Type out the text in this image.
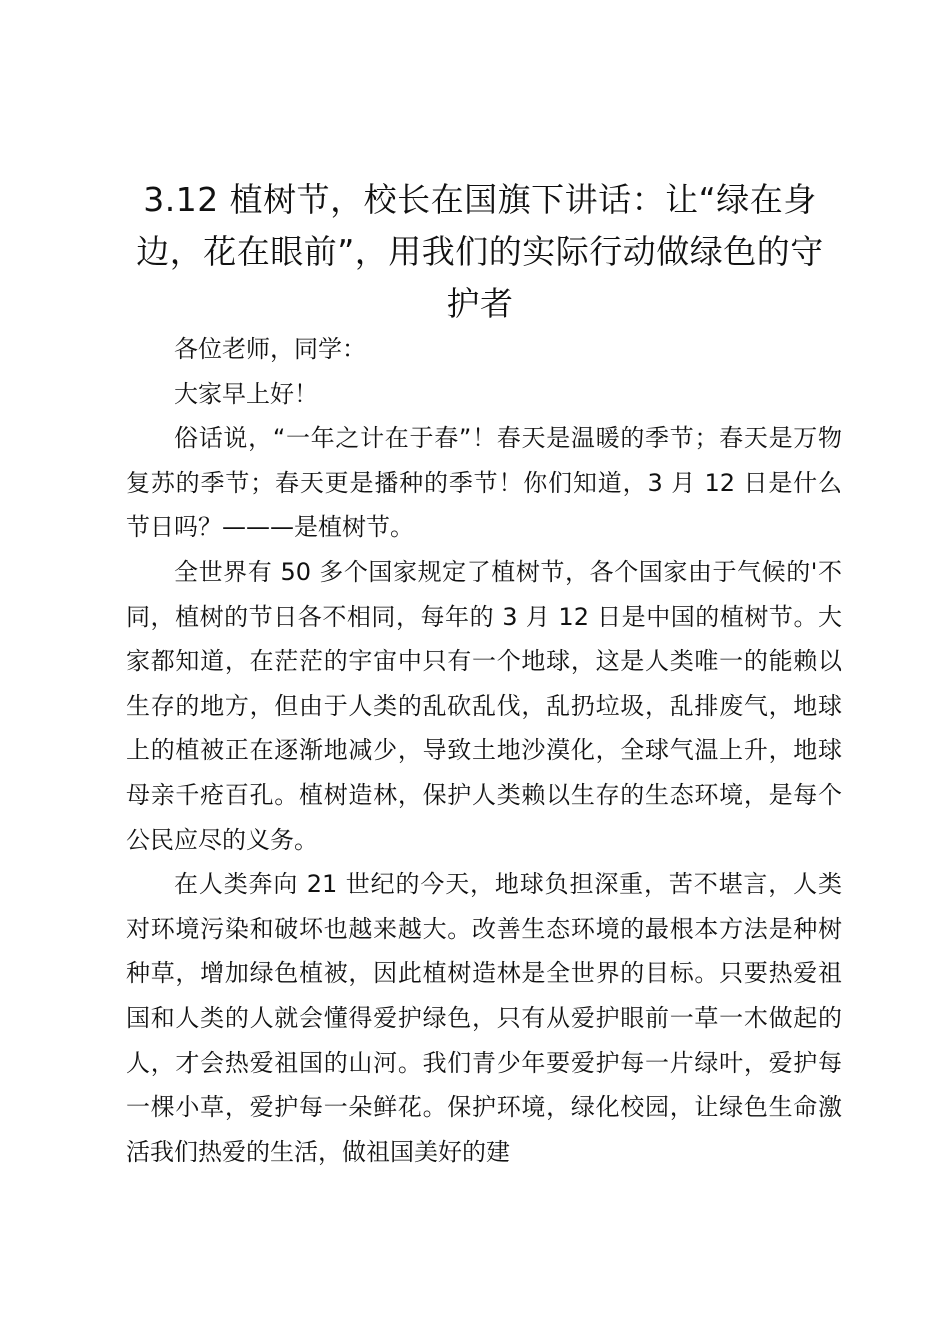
3.12 植树节，校长在国旗下讲话：让“绿在身边，花在眼前”，用我们的实际行动做绿色的守护者

各位老师，同学：

大家早上好！

俗话说，“一年之计在于春”！春天是温暖的季节；春天是万物复苏的季节；春天更是播种的季节！你们知道，3 月 12 日是什么节日吗？———是植树节。

全世界有 50 多个国家规定了植树节，各个国家由于气候的'不同，植树的节日各不相同，每年的 3 月 12 日是中国的植树节。大家都知道，在茫茫的宇宙中只有一个地球，这是人类唯一的能赖以生存的地方，但由于人类的乱砍乱伐，乱扔垃圾，乱排废气，地球上的植被正在逐渐地减少，导致土地沙漠化，全球气温上升，地球母亲千疮百孔。植树造林，保护人类赖以生存的生态环境，是每个公民应尽的义务。

在人类奔向 21 世纪的今天，地球负担深重，苦不堪言，人类对环境污染和破坏也越来越大。改善生态环境的最根本方法是种树种草，增加绿色植被，因此植树造林是全世界的目标。只要热爱祖国和人类的人就会懂得爱护绿色，只有从爱护眼前一草一木做起的人，才会热爱祖国的山河。我们青少年要爱护每一片绿叶，爱护每一棵小草，爱护每一朵鲜花。保护环境，绿化校园，让绿色生命激活我们热爱的生活，做祖国美好的建
